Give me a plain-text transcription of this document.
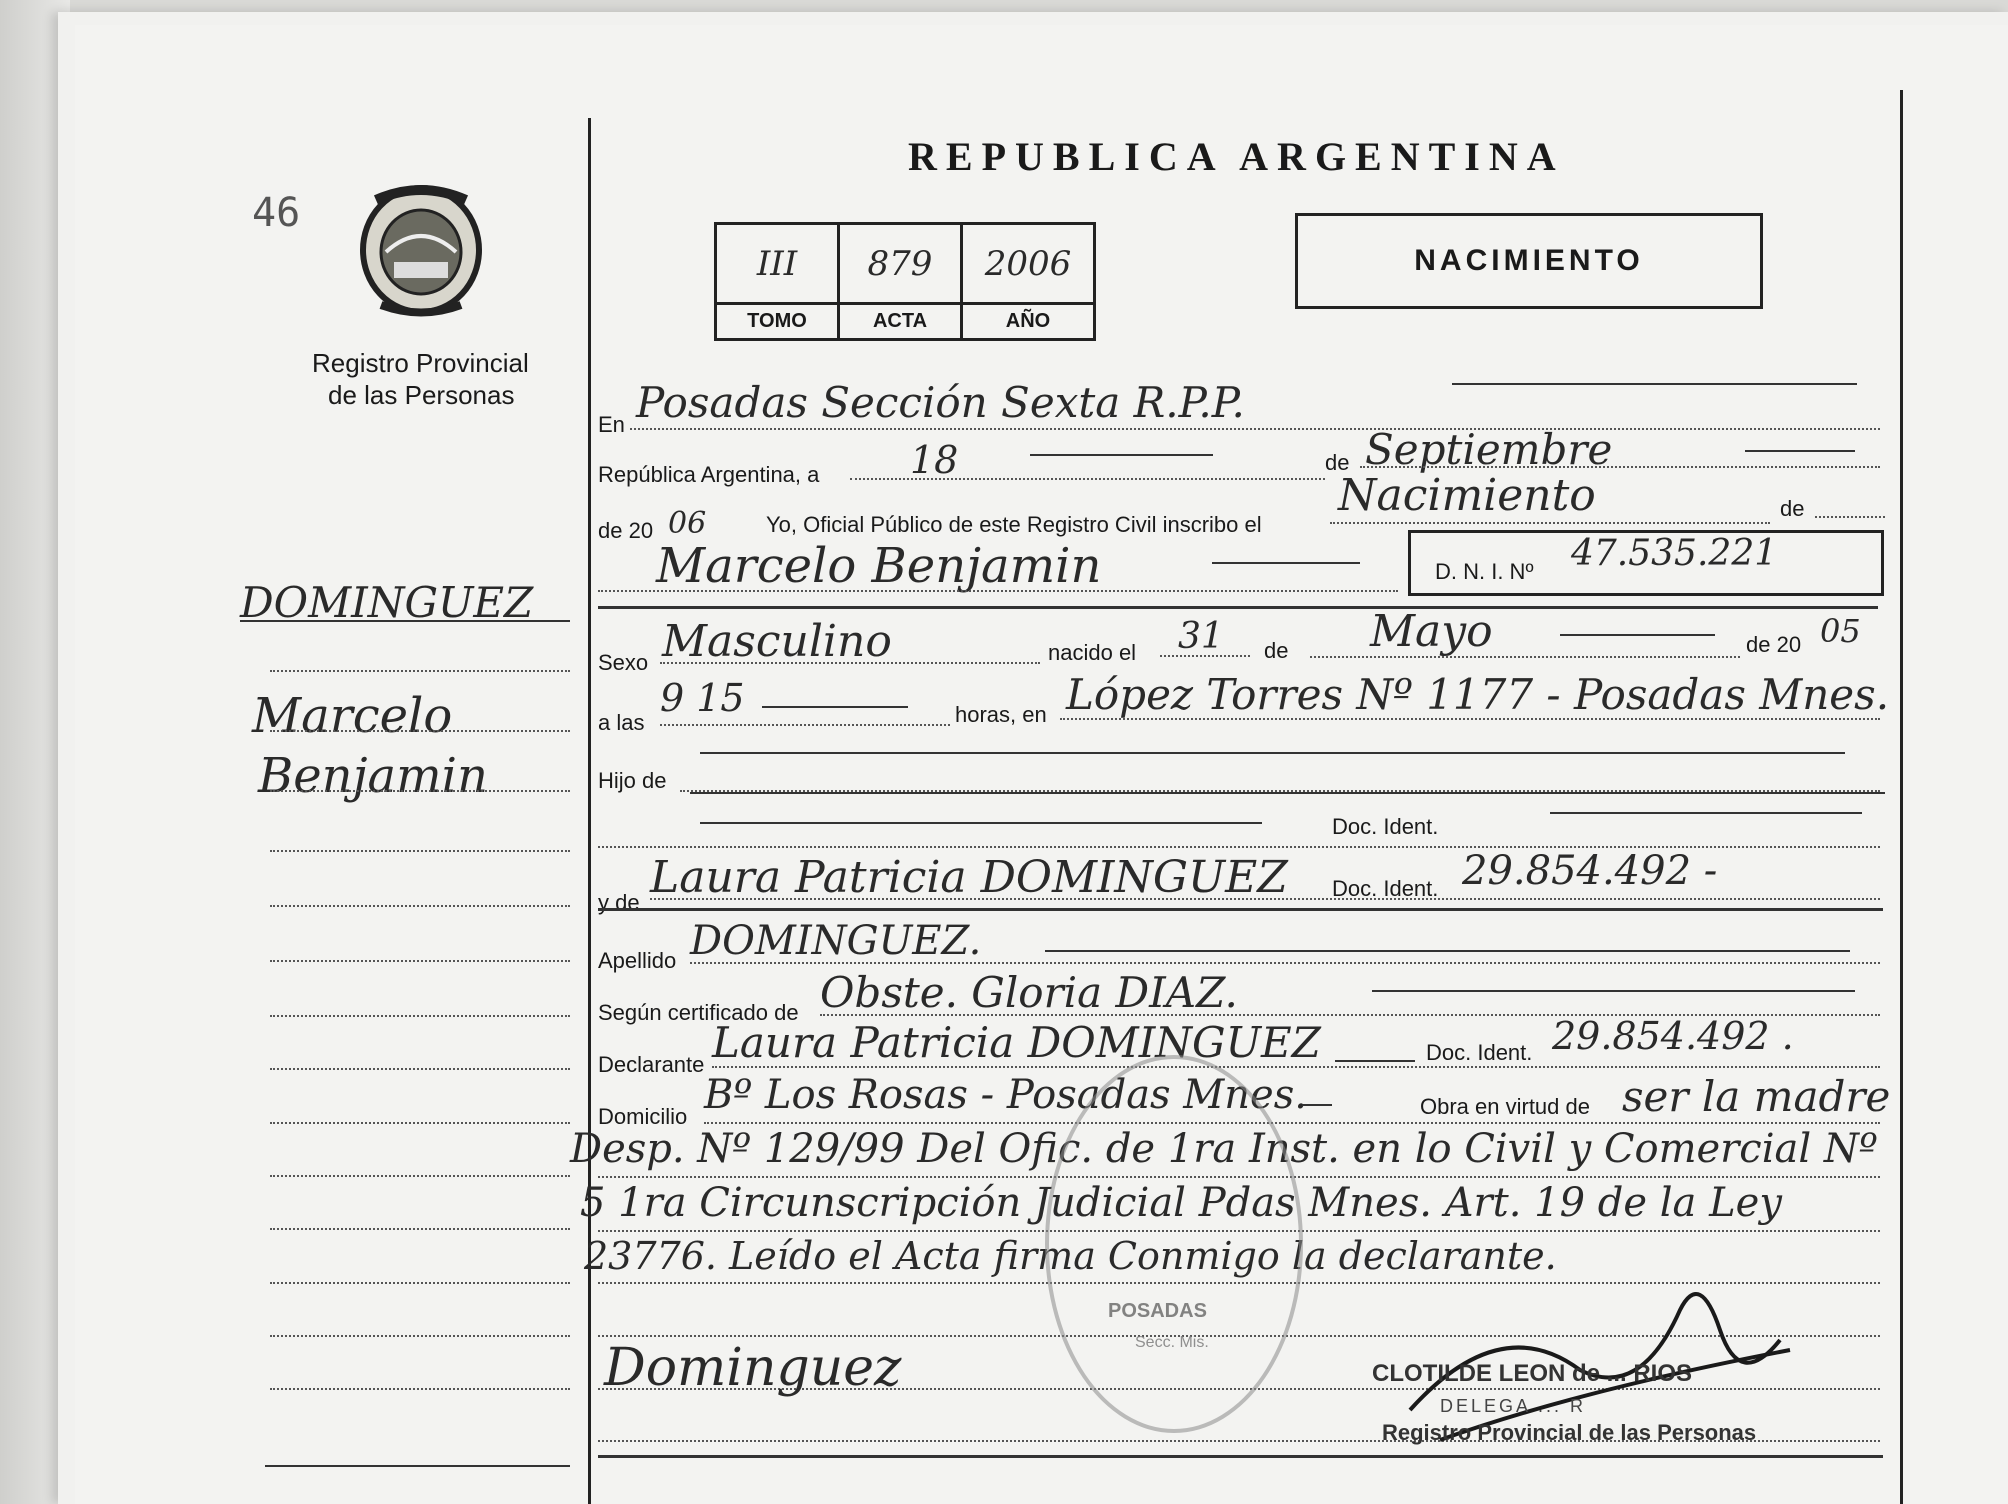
46
Registro Provincial
de las Personas
DOMINGUEZ
Marcelo
Benjamin
REPUBLICA ARGENTINA
III	879	2006
TOMO	ACTA	AÑO
NACIMIENTO
En Posadas Sección Sexta R.P.P.
República Argentina, a 18	de Septiembre
de 20 06	Yo, Oficial Público de este Registro Civil inscribo el
Nacimiento	de
Marcelo Benjamin	D. N. I. Nº 47.535.221
Sexo Masculino	nacido el 31 de Mayo	de 20 05
a las
9 15	horas, en López Torres Nº 1177 - Posadas Mnes.
Hijo de
Doc. Ident.
y de Laura Patricia DOMINGUEZ Doc. Ident. 29.854.492 -
Apellido DOMINGUEZ.
Según certificado de Obste. Gloria DIAZ.
Declarante Laura Patricia DOMINGUEZ	Doc. Ident. 29.854.492 .
Domicilio Bº Los Rosas - Posadas Mnes.	Obra en virtud de ser la madre
Desp. Nº 129/99 Del Ofic. de 1ra Inst. en lo Civil y Comercial Nº
5 1ra Circunscripción Judicial Pdas Mnes. Art. 19 de la Ley
23776. Leído el Acta firma Conmigo la declarante.
POSADAS
Secc. Mis.
Dominguez	CLOTILDE LEON de ... RIOS
DELEGA ... R
Registro Provincial de las Personas
